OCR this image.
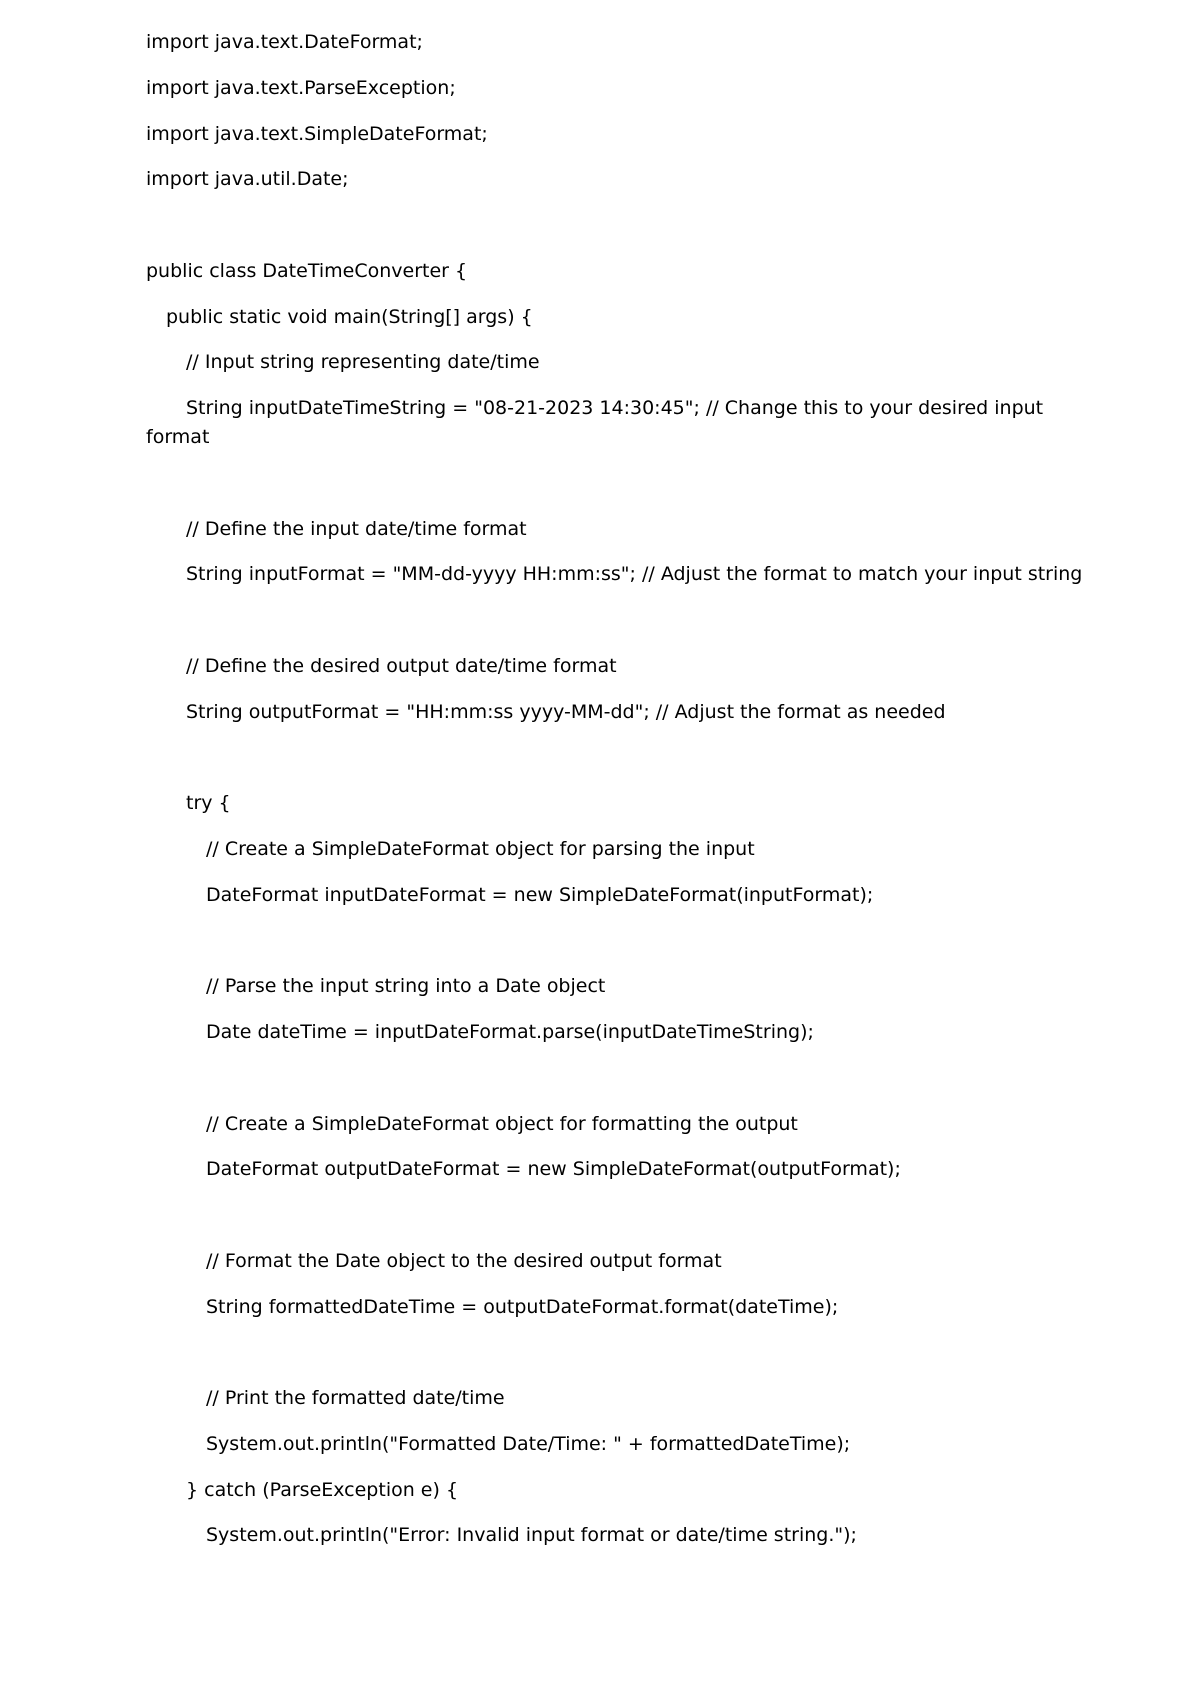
import java.text.DateFormat;
import java.text.ParseException;
import java.text.SimpleDateFormat;
import java.util.Date;
public class DateTimeConverter {
public static void main(String[] args) {
// Input string representing date/time
String inputDateTimeString = "08-21-2023 14:30:45"; // Change this to your desired input
format
// Define the input date/time format
String inputFormat = "MM-dd-yyyy HH:mm:ss"; // Adjust the format to match your input string
// Define the desired output date/time format
String outputFormat = "HH:mm:ss yyyy-MM-dd"; // Adjust the format as needed
try {
// Create a SimpleDateFormat object for parsing the input
DateFormat inputDateFormat = new SimpleDateFormat(inputFormat);
// Parse the input string into a Date object
Date dateTime = inputDateFormat.parse(inputDateTimeString);
// Create a SimpleDateFormat object for formatting the output
DateFormat outputDateFormat = new SimpleDateFormat(outputFormat);
// Format the Date object to the desired output format
String formattedDateTime = outputDateFormat.format(dateTime);
// Print the formatted date/time
System.out.println("Formatted Date/Time: " + formattedDateTime);
} catch (ParseException e) {
System.out.println("Error: Invalid input format or date/time string.");
